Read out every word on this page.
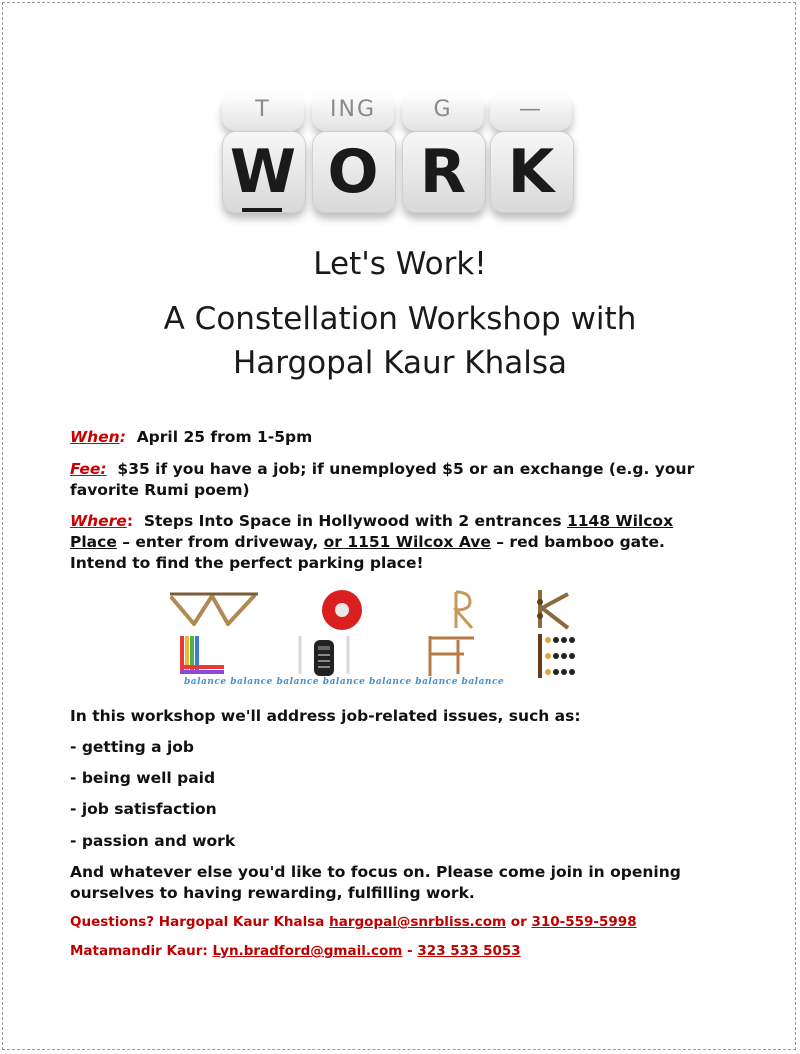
T	ING	G	—
W O R K
Let's Work!
A Constellation Workshop with
Hargopal Kaur Khalsa
When: April 25 from 1-5pm
Fee: $35 if you have a job; if unemployed $5 or an exchange (e.g. your favorite Rumi poem)
Where: Steps Into Space in Hollywood with 2 entrances 1148 Wilcox Place – enter from driveway, or 1151 Wilcox Ave – red bamboo gate. Intend to find the perfect parking place!
balance balance balance balance balance balance balance
In this workshop we'll address job-related issues, such as:
- getting a job
- being well paid
- job satisfaction
- passion and work
And whatever else you'd like to focus on. Please come join in opening ourselves to having rewarding, fulfilling work.
Questions? Hargopal Kaur Khalsa hargopal@snrbliss.com or 310-559-5998
Matamandir Kaur: Lyn.bradford@gmail.com - 323 533 5053
